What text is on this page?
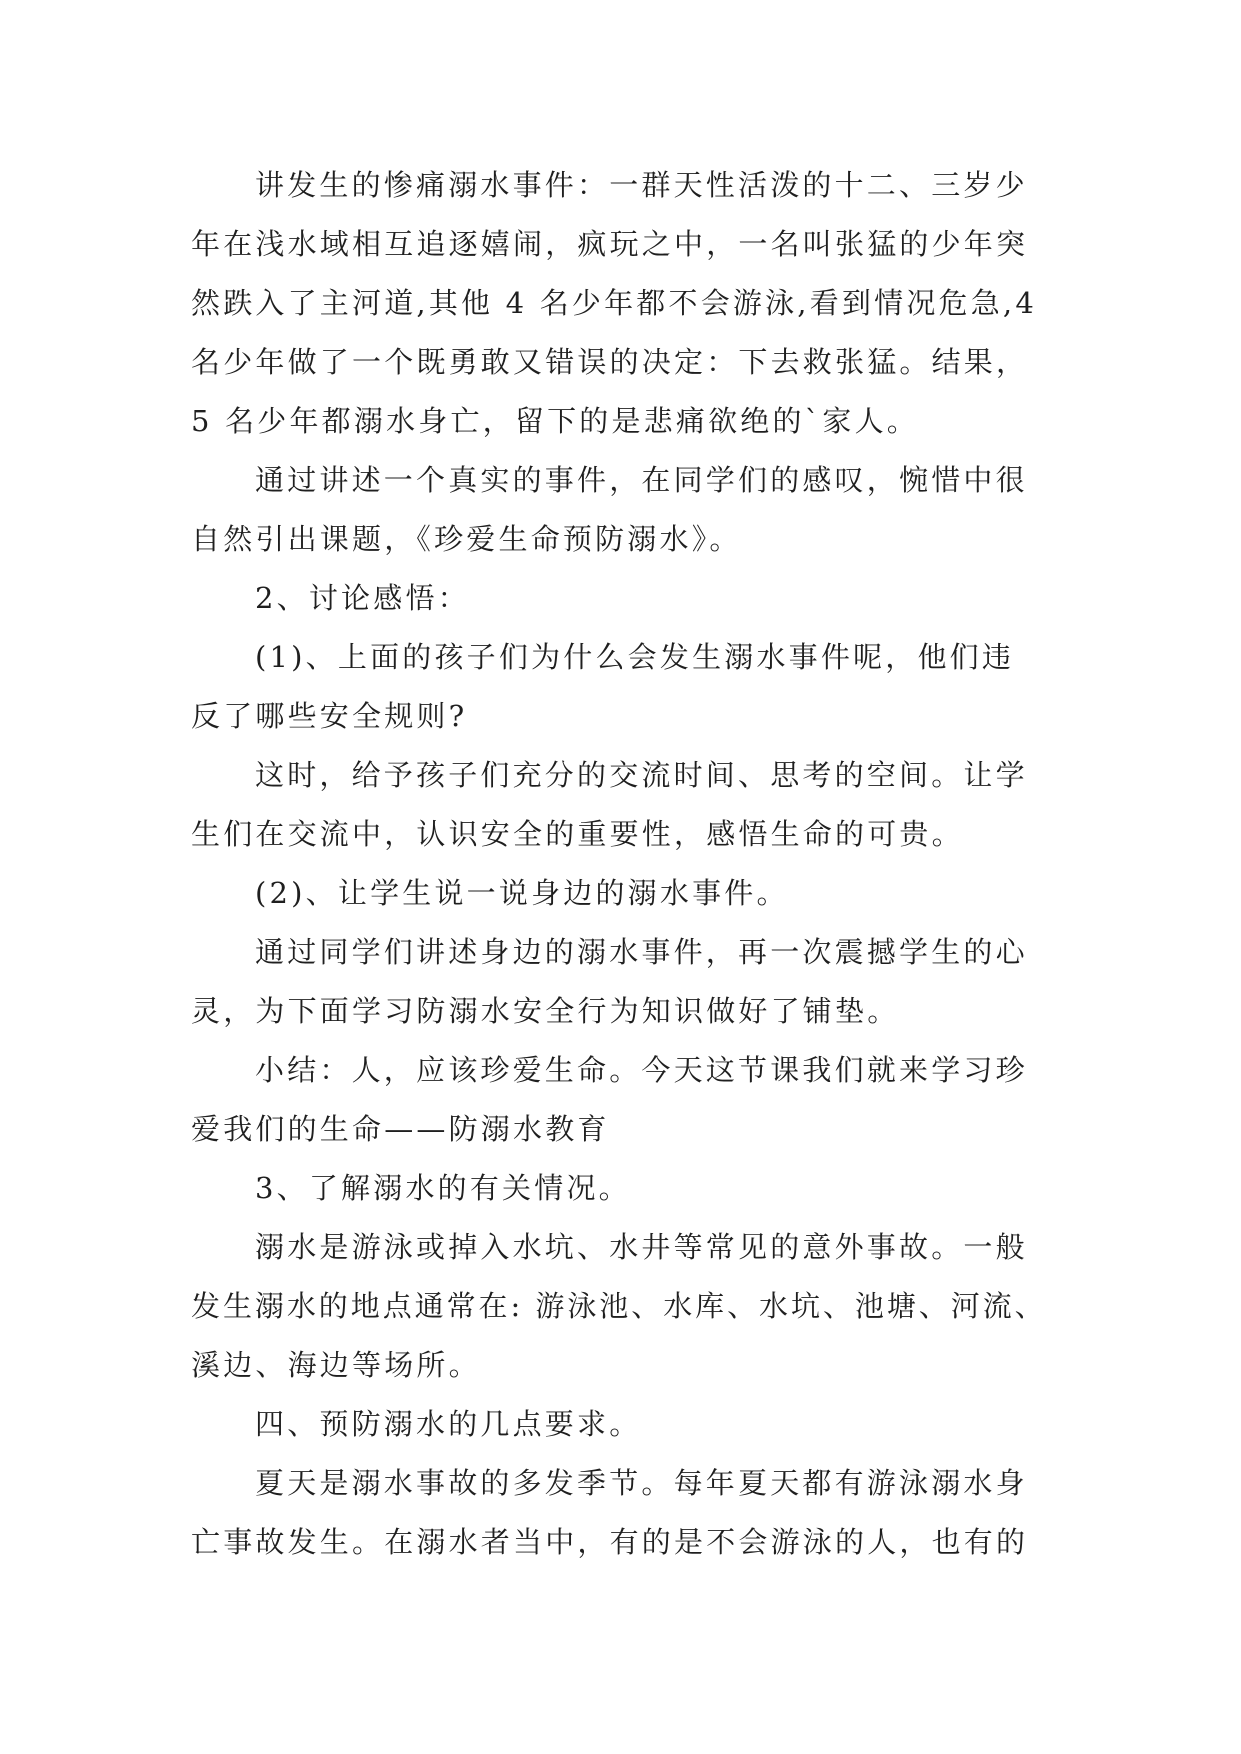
讲发生的惨痛溺水事件：一群天性活泼的十二、三岁少
年在浅水域相互追逐嬉闹，疯玩之中，一名叫张猛的少年突
然跌入了主河道,其他 4 名少年都不会游泳,看到情况危急,4
名少年做了一个既勇敢又错误的决定：下去救张猛。结果，
5 名少年都溺水身亡，留下的是悲痛欲绝的`家人。
通过讲述一个真实的事件，在同学们的感叹，惋惜中很
自然引出课题，《珍爱生命预防溺水》。
2、讨论感悟：
(1)、上面的孩子们为什么会发生溺水事件呢，他们违
反了哪些安全规则?
这时，给予孩子们充分的交流时间、思考的空间。让学
生们在交流中，认识安全的重要性，感悟生命的可贵。
(2)、让学生说一说身边的溺水事件。
通过同学们讲述身边的溺水事件，再一次震撼学生的心
灵，为下面学习防溺水安全行为知识做好了铺垫。
小结：人，应该珍爱生命。今天这节课我们就来学习珍
爱我们的生命——防溺水教育
3、了解溺水的有关情况。
溺水是游泳或掉入水坑、水井等常见的意外事故。一般
发生溺水的地点通常在: 游泳池、水库、水坑、池塘、河流、
溪边、海边等场所。
四、预防溺水的几点要求。
夏天是溺水事故的多发季节。每年夏天都有游泳溺水身
亡事故发生。在溺水者当中，有的是不会游泳的人，也有的
